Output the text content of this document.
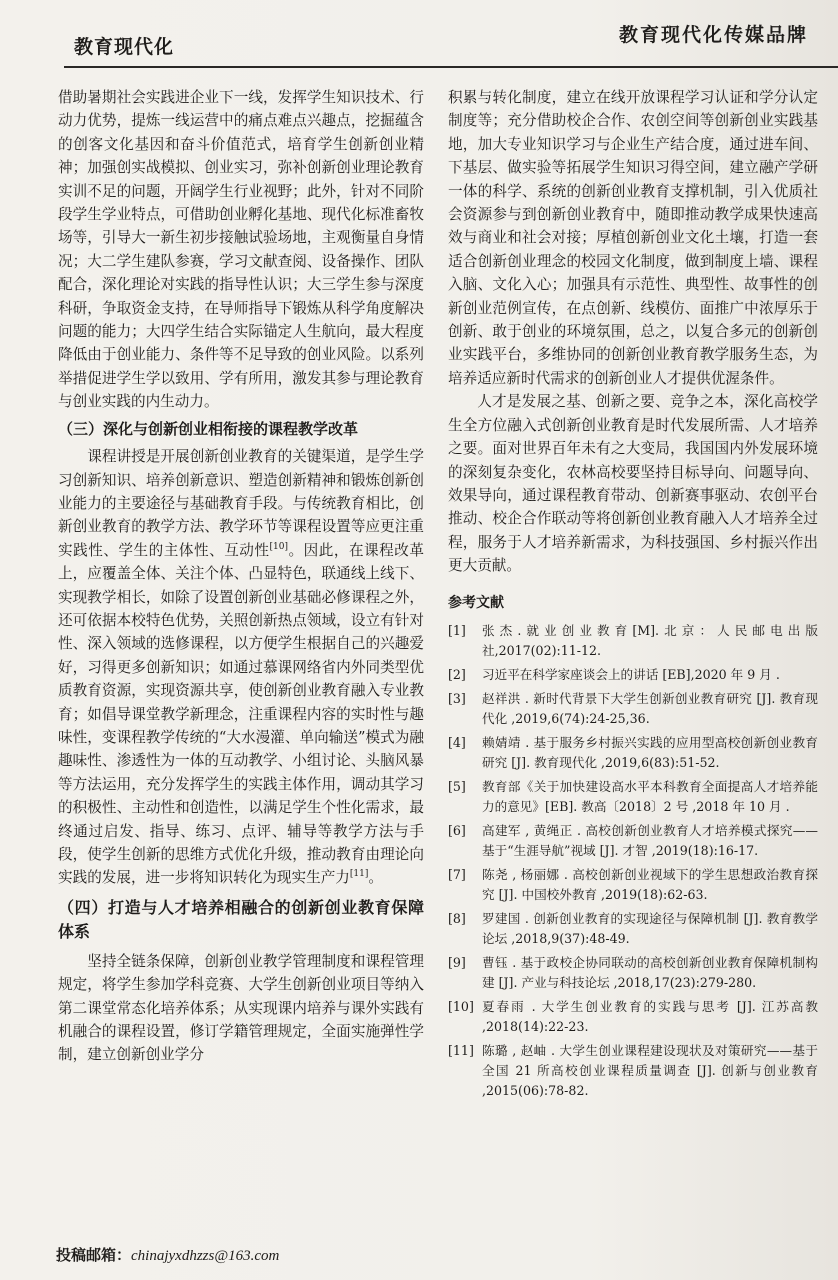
教育现代化
教育现代化传媒品牌

借助暑期社会实践进企业下一线，发挥学生知识技术、行动力优势，提炼一线运营中的痛点难点兴趣点，挖掘蕴含的创客文化基因和奋斗价值范式，培育学生创新创业精神；加强创实战模拟、创业实习，弥补创新创业理论教育实训不足的问题，开阔学生行业视野；此外，针对不同阶段学生学业特点，可借助创业孵化基地、现代化标准畜牧场等，引导大一新生初步接触试验场地，主观衡量自身情况；大二学生建队参赛，学习文献查阅、设备操作、团队配合，深化理论对实践的指导性认识；大三学生参与深度科研，争取资金支持，在导师指导下锻炼从科学角度解决问题的能力；大四学生结合实际锚定人生航向，最大程度降低由于创业能力、条件等不足导致的创业风险。以系列举措促进学生学以致用、学有所用，激发其参与理论教育与创业实践的内生动力。

（三）深化与创新创业相衔接的课程教学改革

课程讲授是开展创新创业教育的关键渠道，是学生学习创新知识、培养创新意识、塑造创新精神和锻炼创新创业能力的主要途径与基础教育手段。与传统教育相比，创新创业教育的教学方法、教学环节等课程设置等应更注重实践性、学生的主体性、互动性[10]。因此，在课程改革上，应覆盖全体、关注个体、凸显特色，联通线上线下、实现教学相长，如除了设置创新创业基础必修课程之外，还可依据本校特色优势，关照创新热点领域，设立有针对性、深入领域的选修课程，以方便学生根据自己的兴趣爱好，习得更多创新知识；如通过慕课网络省内外同类型优质教育资源，实现资源共享，使创新创业教育融入专业教育；如倡导课堂教学新理念，注重课程内容的实时性与趣味性，变课程教学传统的“大水漫灌、单向输送”模式为融趣味性、渗透性为一体的互动教学、小组讨论、头脑风暴等方法运用，充分发挥学生的实践主体作用，调动其学习的积极性、主动性和创造性，以满足学生个性化需求，最终通过启发、指导、练习、点评、辅导等教学方法与手段，使学生创新的思维方式优化升级，推动教育由理论向实践的发展，进一步将知识转化为现实生产力[11]。

（四）打造与人才培养相融合的创新创业教育保障体系

坚持全链条保障，创新创业教学管理制度和课程管理规定，将学生参加学科竞赛、大学生创新创业项目等纳入第二课堂常态化培养体系；从实现课内培养与课外实践有机融合的课程设置，修订学籍管理规定，全面实施弹性学制，建立创新创业学分

积累与转化制度，建立在线开放课程学习认证和学分认定制度等；充分借助校企合作、农创空间等创新创业实践基地，加大专业知识学习与企业生产结合度，通过进车间、下基层、做实验等拓展学生知识习得空间，建立融产学研一体的科学、系统的创新创业教育支撑机制，引入优质社会资源参与到创新创业教育中，随即推动教学成果快速高效与商业和社会对接；厚植创新创业文化土壤，打造一套适合创新创业理念的校园文化制度，做到制度上墙、课程入脑、文化入心；加强具有示范性、典型性、故事性的创新创业范例宣传，在点创新、线模仿、面推广中浓厚乐于创新、敢于创业的环境氛围，总之，以复合多元的创新创业实践平台，多维协同的创新创业教育教学服务生态，为培养适应新时代需求的创新创业人才提供优渥条件。

人才是发展之基、创新之要、竞争之本，深化高校学生全方位融入式创新创业教育是时代发展所需、人才培养之要。面对世界百年未有之大变局，我国国内外发展环境的深刻复杂变化，农林高校要坚持目标导向、问题导向、效果导向，通过课程教育带动、创新赛事驱动、农创平台推动、校企合作联动等将创新创业教育融入人才培养全过程，服务于人才培养新需求，为科技强国、乡村振兴作出更大贡献。

参考文献
[1]	张杰.就业创业教育[M].北京：人民邮电出版社,2017(02):11-12.
[2]	习近平在科学家座谈会上的讲话 [EB],2020 年 9 月 .
[3]	赵祥洪 . 新时代背景下大学生创新创业教育研究 [J]. 教育现代化 ,2019,6(74):24-25,36.
[4]	赖婧靖 . 基于服务乡村振兴实践的应用型高校创新创业教育研究 [J]. 教育现代化 ,2019,6(83):51-52.
[5]	教育部《关于加快建设高水平本科教育全面提高人才培养能力的意见》[EB]. 教高〔2018〕2 号 ,2018 年 10 月 .
[6]	高建军 , 黄绳正 . 高校创新创业教育人才培养模式探究——基于“生涯导航”视域 [J]. 才智 ,2019(18):16-17.
[7]	陈尧 , 杨丽娜 . 高校创新创业视域下的学生思想政治教育探究 [J]. 中国校外教育 ,2019(18):62-63.
[8]	罗建国 . 创新创业教育的实现途径与保障机制 [J]. 教育教学论坛 ,2018,9(37):48-49.
[9]	曹钰 . 基于政校企协同联动的高校创新创业教育保障机制构建 [J]. 产业与科技论坛 ,2018,17(23):279-280.
[10] 夏春雨 . 大学生创业教育的实践与思考 [J]. 江苏高教 ,2018(14):22-23.
[11] 陈璐 , 赵岫 . 大学生创业课程建设现状及对策研究——基于全国 21 所高校创业课程质量调查 [J]. 创新与创业教育 ,2015(06):78-82.
投稿邮箱：chinajyxdhzzs@163.com
